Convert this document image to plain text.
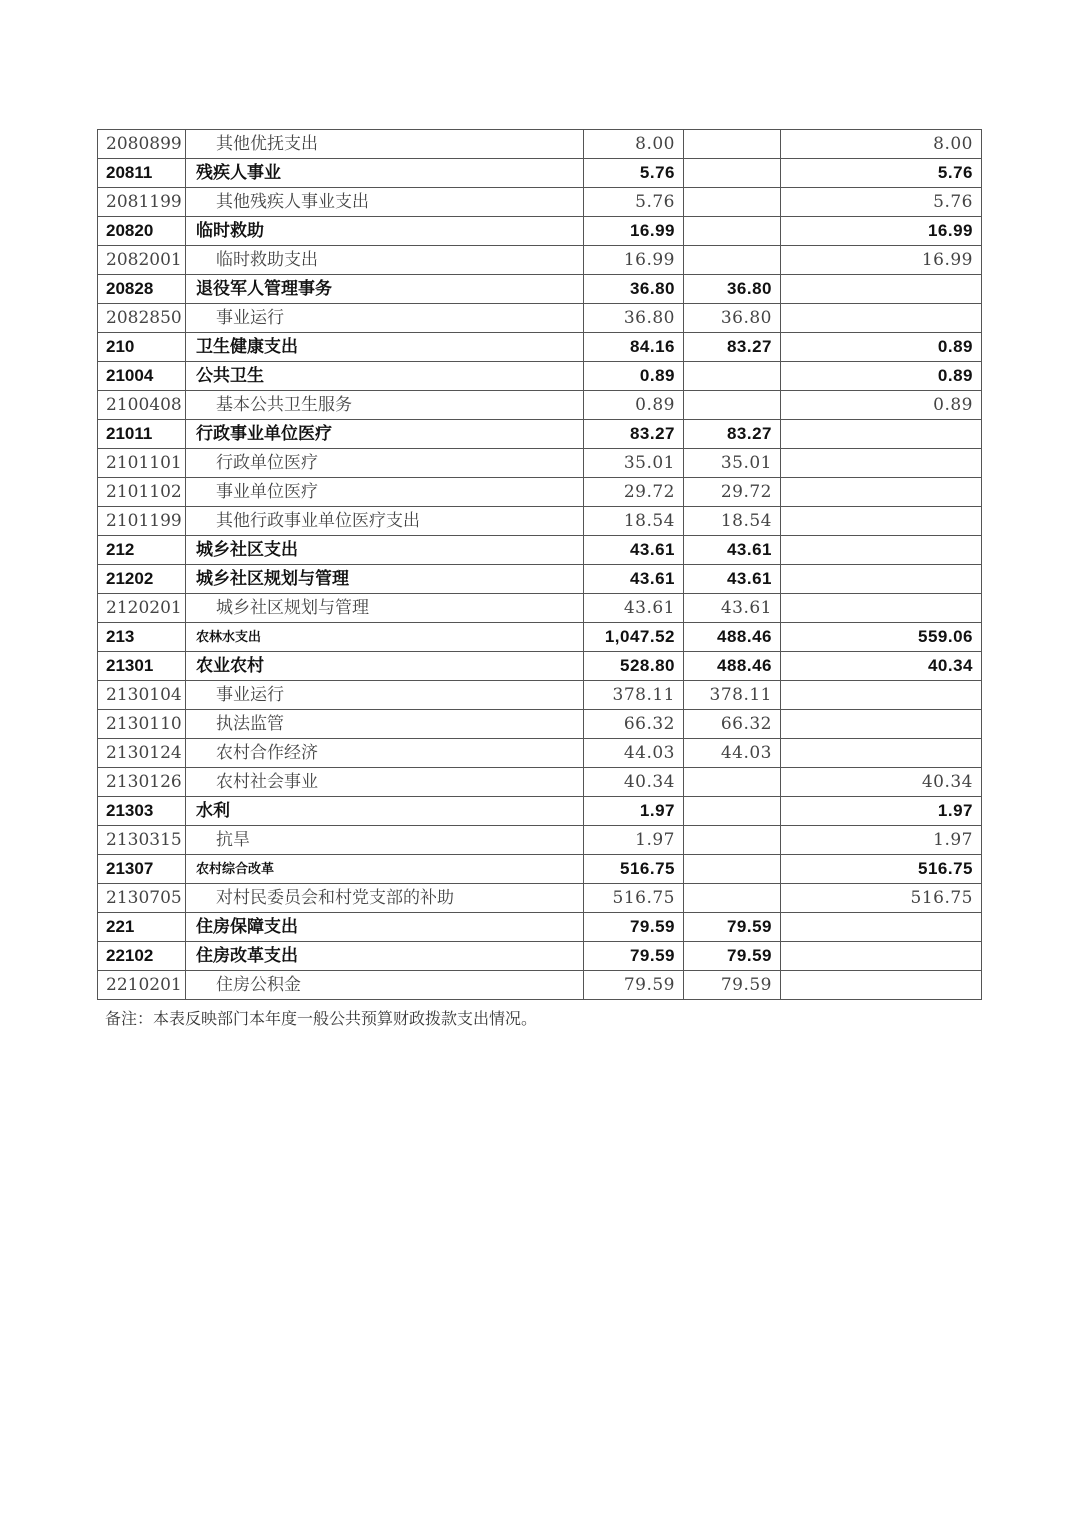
2080899	其他优抚支出	8.00		8.00
20811	残疾人事业	5.76		5.76
2081199	其他残疾人事业支出	5.76		5.76
20820	临时救助	16.99		16.99
2082001	临时救助支出	16.99		16.99
20828	退役军人管理事务	36.80	36.80	
2082850	事业运行	36.80	36.80	
210	卫生健康支出	84.16	83.27	0.89
21004	公共卫生	0.89		0.89
2100408	基本公共卫生服务	0.89		0.89
21011	行政事业单位医疗	83.27	83.27	
2101101	行政单位医疗	35.01	35.01	
2101102	事业单位医疗	29.72	29.72	
2101199	其他行政事业单位医疗支出	18.54	18.54	
212	城乡社区支出	43.61	43.61	
21202	城乡社区规划与管理	43.61	43.61	
2120201	城乡社区规划与管理	43.61	43.61	
213	农林水支出	1,047.52	488.46	559.06
21301	农业农村	528.80	488.46	40.34
2130104	事业运行	378.11	378.11	
2130110	执法监管	66.32	66.32	
2130124	农村合作经济	44.03	44.03	
2130126	农村社会事业	40.34		40.34
21303	水利	1.97		1.97
2130315	抗旱	1.97		1.97
21307	农村综合改革	516.75		516.75
2130705	对村民委员会和村党支部的补助	516.75		516.75
221	住房保障支出	79.59	79.59	
22102	住房改革支出	79.59	79.59	
2210201	住房公积金	79.59	79.59	
备注：本表反映部门本年度一般公共预算财政拨款支出情况。
